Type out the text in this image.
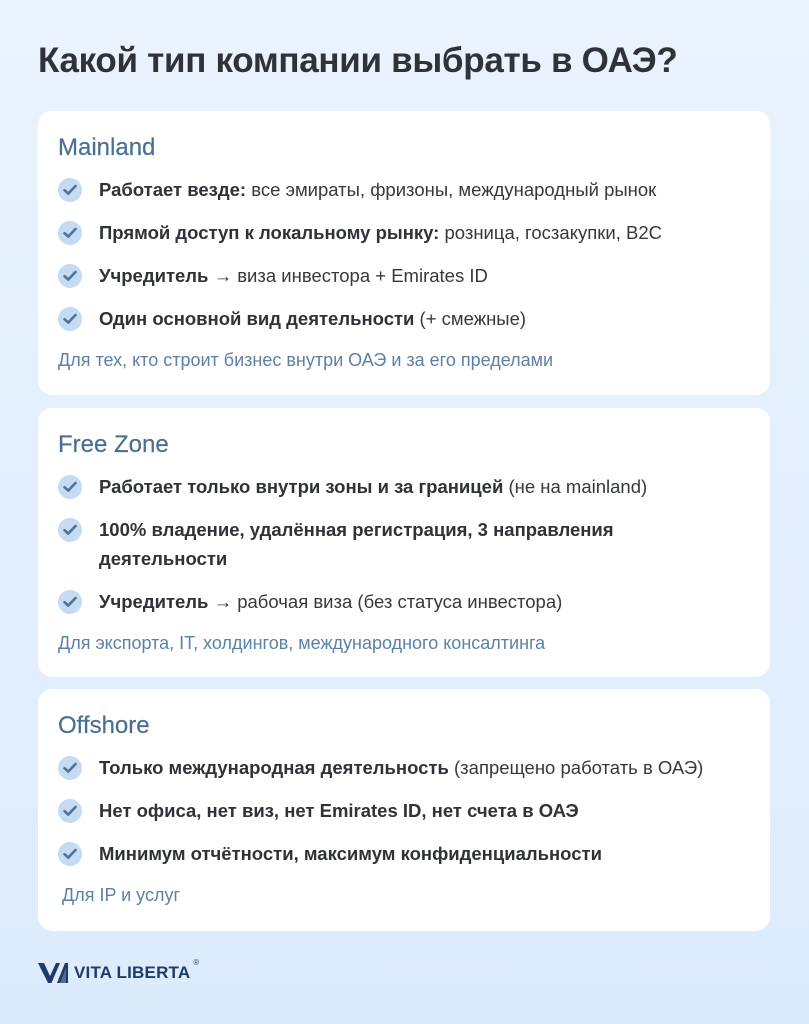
Какой тип компании выбрать в ОАЭ?
Mainland
Работает везде: все эмираты, фризоны, международный рынок
Прямой доступ к локальному рынку: розница, госзакупки, B2C
Учредитель → виза инвестора + Emirates ID
Один основной вид деятельности (+ смежные)
Для тех, кто строит бизнес внутри ОАЭ и за его пределами
Free Zone
Работает только внутри зоны и за границей (не на mainland)
100% владение, удалённая регистрация, 3 направления деятельности
Учредитель → рабочая виза (без статуса инвестора)
Для экспорта, IT, холдингов, международного консалтинга
Offshore
Только международная деятельность (запрещено работать в ОАЭ)
Нет офиса, нет виз, нет Emirates ID, нет счета в ОАЭ
Минимум отчётности, максимум конфиденциальности
Для IP и услуг
VITA LIBERTA
®
